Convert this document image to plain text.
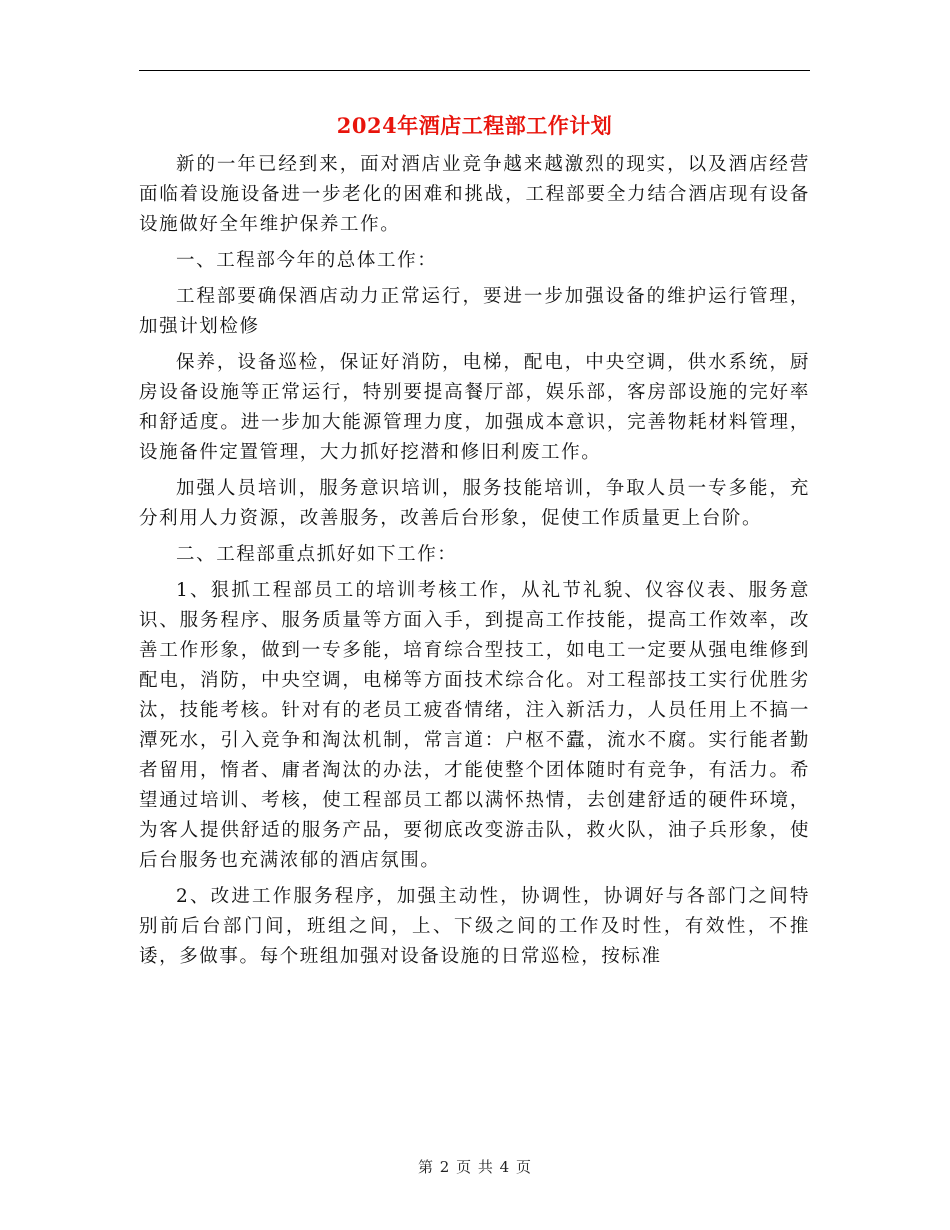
2024年酒店工程部工作计划

新的一年已经到来，面对酒店业竞争越来越激烈的现实，以及酒店经营面临着设施设备进一步老化的困难和挑战，工程部要全力结合酒店现有设备设施做好全年维护保养工作。

一、工程部今年的总体工作：

工程部要确保酒店动力正常运行，要进一步加强设备的维护运行管理，加强计划检修

保养，设备巡检，保证好消防，电梯，配电，中央空调，供水系统，厨房设备设施等正常运行，特别要提高餐厅部，娱乐部，客房部设施的完好率和舒适度。进一步加大能源管理力度，加强成本意识，完善物耗材料管理，设施备件定置管理，大力抓好挖潜和修旧利废工作。

加强人员培训，服务意识培训，服务技能培训，争取人员一专多能，充分利用人力资源，改善服务，改善后台形象，促使工作质量更上台阶。

二、工程部重点抓好如下工作：

1、狠抓工程部员工的培训考核工作，从礼节礼貌、仪容仪表、服务意识、服务程序、服务质量等方面入手，到提高工作技能，提高工作效率，改善工作形象，做到一专多能，培育综合型技工，如电工一定要从强电维修到配电，消防，中央空调，电梯等方面技术综合化。对工程部技工实行优胜劣汰，技能考核。针对有的老员工疲沓情绪，注入新活力，人员任用上不搞一潭死水，引入竞争和淘汰机制，常言道：户枢不蠹，流水不腐。实行能者勤者留用，惰者、庸者淘汰的办法，才能使整个团体随时有竞争，有活力。希望通过培训、考核，使工程部员工都以满怀热情，去创建舒适的硬件环境，为客人提供舒适的服务产品，要彻底改变游击队，救火队，油子兵形象，使后台服务也充满浓郁的酒店氛围。

2、改进工作服务程序，加强主动性，协调性，协调好与各部门之间特别前后台部门间，班组之间，上、下级之间的工作及时性，有效性，不推诿，多做事。每个班组加强对设备设施的日常巡检，按标准

第 2 页 共 4 页
